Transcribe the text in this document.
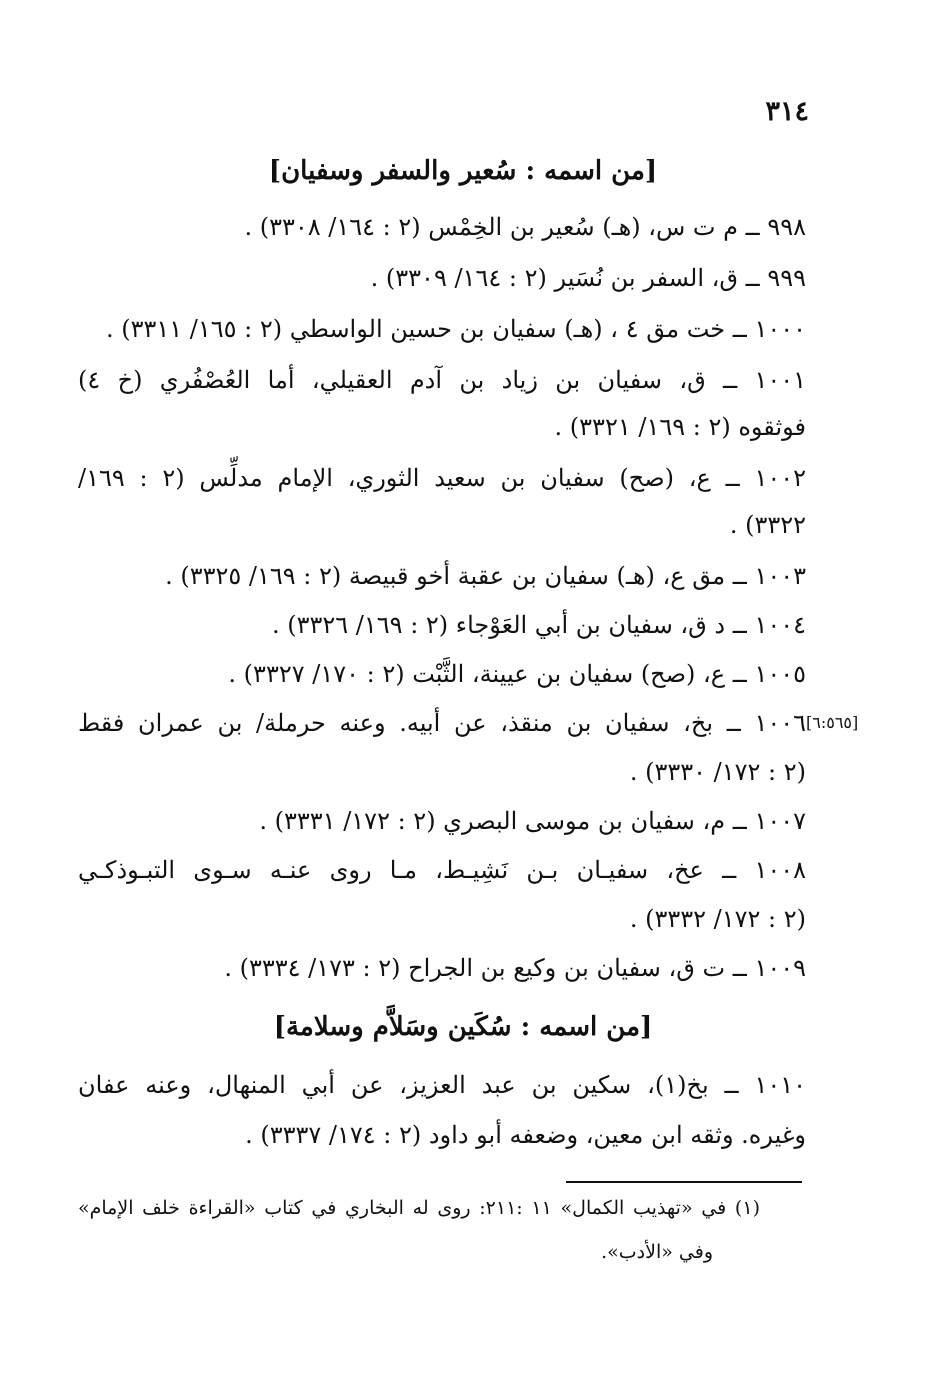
٣١٤
[من اسمه : سُعير والسفر وسفيان]
٩٩٨ ــ م ت س، (هـ) سُعير بن الخِمْس (٢ : ١٦٤/ ٣٣٠٨) .
٩٩٩ ــ ق، السفر بن نُسَير (٢ : ١٦٤/ ٣٣٠٩) .
١٠٠٠ ــ خت مق ٤ ، (هـ) سفيان بن حسين الواسطي (٢ : ١٦٥/ ٣٣١١) .
١٠٠١ ــ ق، سفيان بن زياد بن آدم العقيلي، أما العُصْفُري (خ ٤)
فوثقوه (٢ : ١٦٩/ ٣٣٢١) .
١٠٠٢ ــ ع، (صح) سفيان بن سعيد الثوري، الإمام مدلِّس (٢ : ١٦٩/
٣٣٢٢) .
١٠٠٣ ــ مق ع، (هـ) سفيان بن عقبة أخو قبيصة (٢ : ١٦٩/ ٣٣٢٥) .
١٠٠٤ ــ د ق، سفيان بن أبي العَوْجاء (٢ : ١٦٩/ ٣٣٢٦) .
١٠٠٥ ــ ع، (صح) سفيان بن عيينة، الثَّبْت (٢ : ١٧٠/ ٣٣٢٧) .
[٦:٥٦٥]
١٠٠٦ ــ بخ، سفيان بن منقذ، عن أبيه. وعنه حرملة/ بن عمران فقط
(٢ : ١٧٢/ ٣٣٣٠) .
١٠٠٧ ــ م، سفيان بن موسى البصري (٢ : ١٧٢/ ٣٣٣١) .
١٠٠٨ ــ عخ، سفيـان بـن نَشِيـط، مـا روى عنـه سـوى التبـوذكـي
(٢ : ١٧٢/ ٣٣٣٢) .
١٠٠٩ ــ ت ق، سفيان بن وكيع بن الجراح (٢ : ١٧٣/ ٣٣٣٤) .
[من اسمه : سُكَين وسَلاَّم وسلامة]
١٠١٠ ــ بخ(١)، سكين بن عبد العزيز، عن أبي المنهال، وعنه عفان
وغيره. وثقه ابن معين، وضعفه أبو داود (٢ : ١٧٤/ ٣٣٣٧) .
(١) في «تهذيب الكمال» ١١ :٢١١: روى له البخاري في كتاب «القراءة خلف الإمام»
وفي «الأدب».
